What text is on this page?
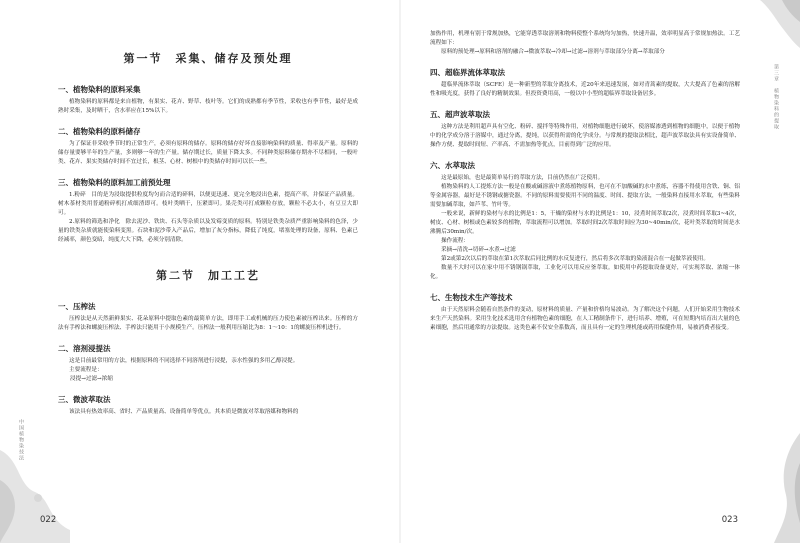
第一节　采集、储存及预处理
一、植物染料的原料采集

植物染料的原料都是来自植物，有果实、花卉、野草、枝叶等。它们的成熟都有季节性，采收也有季节性，最好是成熟时采集，及时晒干，含水率应在15%以下。

二、植物染料的原料储存

为了保证非采收季节时的正常生产，必须有原料的储存。原料的储存好坏直接影响染料的质量、得率及产量。原料的储存量要够半年的生产量，多则够一年的生产量。储存期过长，质量下降太多。不同种类原料储存期亦不尽相同，一般叶类、花卉、果实类储存时间不宜过长，根茎、心材、树根中的类储存时间可以长一些。

三、植物染料的原料加工前预处理

1.粉碎　目的是为浸取提供粒度均匀而合适的碎料，以便更迅速、更完全地浸出色素，提高产率，并保证产品质量。树木茶材类用普通粉碎机打成细渣即可。枝叶类晒干，压紧即可。果壳类可打成颗粒存放，颗粒不必太小，有豆豆大即可。

2.原料的筛选和净化　除去泥沙、铁块、石头等杂质以及发霉变质的原料。特别是铁类杂质严重影响染料的色泽，少量的铁类杂质就能使染料变黑。石块和泥沙带入产品后，增加了灰分指标，降低了纯度，堵塞处理的设备，原料、色素已经减率，颜色变暗，纯度大大下降，必须分别清除。

第二节　加工工艺
一、压榨法

压榨法是从天然新鲜果实、花朵原料中提取色素的最简单方法，即用手工或机械的压力使色素被压榨出来。压榨的方法有手榨法和螺旋压榨法、手榨法只能用于小规模生产。压榨法一般利用压缩比为8：1～10：1的螺旋压榨机进行。

二、溶剂浸提法

这是目前最常用的方法，根据原料的不同选择不同溶剂进行浸提，亲水性强的多用乙醇浸提。

主要流程是：

浸提→过滤→浓缩

三、微波萃取法

该法具有热效率高、省时、产品质量高、设备简单等优点。其本质是微波对萃取溶媒和物料的

中国植物染技法
022

加热作用，机理有别于常规加热，它能穿透萃取溶剂和物料使整个系统均匀加热，快速升温，效率明显高于常规加热法。工艺流程如下：

原料的预处理→原料和溶剂的融合→微波萃取→冷却→过滤→溶剂与萃取部分分离→萃取部分

四、超临界流体萃取法

超临界流体萃取（SCFE）是一种新型的萃取分离技术，近20年来迅速发展，如对青蒿素的提取，大大提高了色素的溶解性和吸光度，获得了良好的精制效果。但投资费用高，一般以中小型的超临界萃取设备居多。

五、超声波萃取法

这种方法是利用超声具有空化、粉碎、搅拌等特殊作用，对植物细胞进行破坏，使溶媒渗透到植物的细胞中，以便于植物中的化学成分溶于溶媒中，通过分离，提纯，以获得所需的化学成分。与常规的提取法相比，超声波萃取法具有实设备简单、操作方便、提取时间短、产率高、不需加热等优点，目前得到广泛的应用。

六、水萃取法

这是最原始，也是最简单易行的萃取方法，目前仍然在广泛使用。

植物染料的人工提炼方法一般是在酸或碱溶液中煮练植物原料，也可在不加酸碱的水中煮练，容器不得使用含铁、铜、铝等金属容器，最好是不锈钢或搪瓷器。不同的原料需要使用不同的温度、时间、提取方法，一般染料直接用水萃取，有些染料需要加碱萃取，如芦苇、竹叶等。

一般来说，新鲜的染材与水的比例是1：5，干燥的染材与水的比例是1：10，浸煮时间萃取2次，浸煮时间萃取3~4次，树皮、心材、树根或色素较多的植物，萃取流程可以增加。萃取时间2次萃取时间应为30~40min/次，花叶类萃取的时间是水沸腾后30min/次。

操作流程：

采摘→清洗→切碎→水煮→过滤

第2或第2次以后的萃取在第1次萃取后同比例的水反复进行，然后将多次萃取的染液混合在一起做萃液使用。

数量不大时可以在家中用不锈钢锅萃取，工业化可以用反应釜萃取。如使用中药提取设备更好，可实现萃取、浓缩一体化。

七、生物技术生产等技术

由于天然原料会随着自然条件的变动，原材料的质量、产量和价格均易波动。为了解决这个问题，人们开始采用生物技术来生产天然染料。采用生化技术选用含有植物色素的细胞，在人工精制条件下，进行培养、增殖，可在短期内培育出大量的色素细胞，然后用通常的方法提取。这类色素不仅安全系数高，而且具有一定的生理机能或药用保健作用，易被消费者接受。

第三章　植物染料的提取
023
